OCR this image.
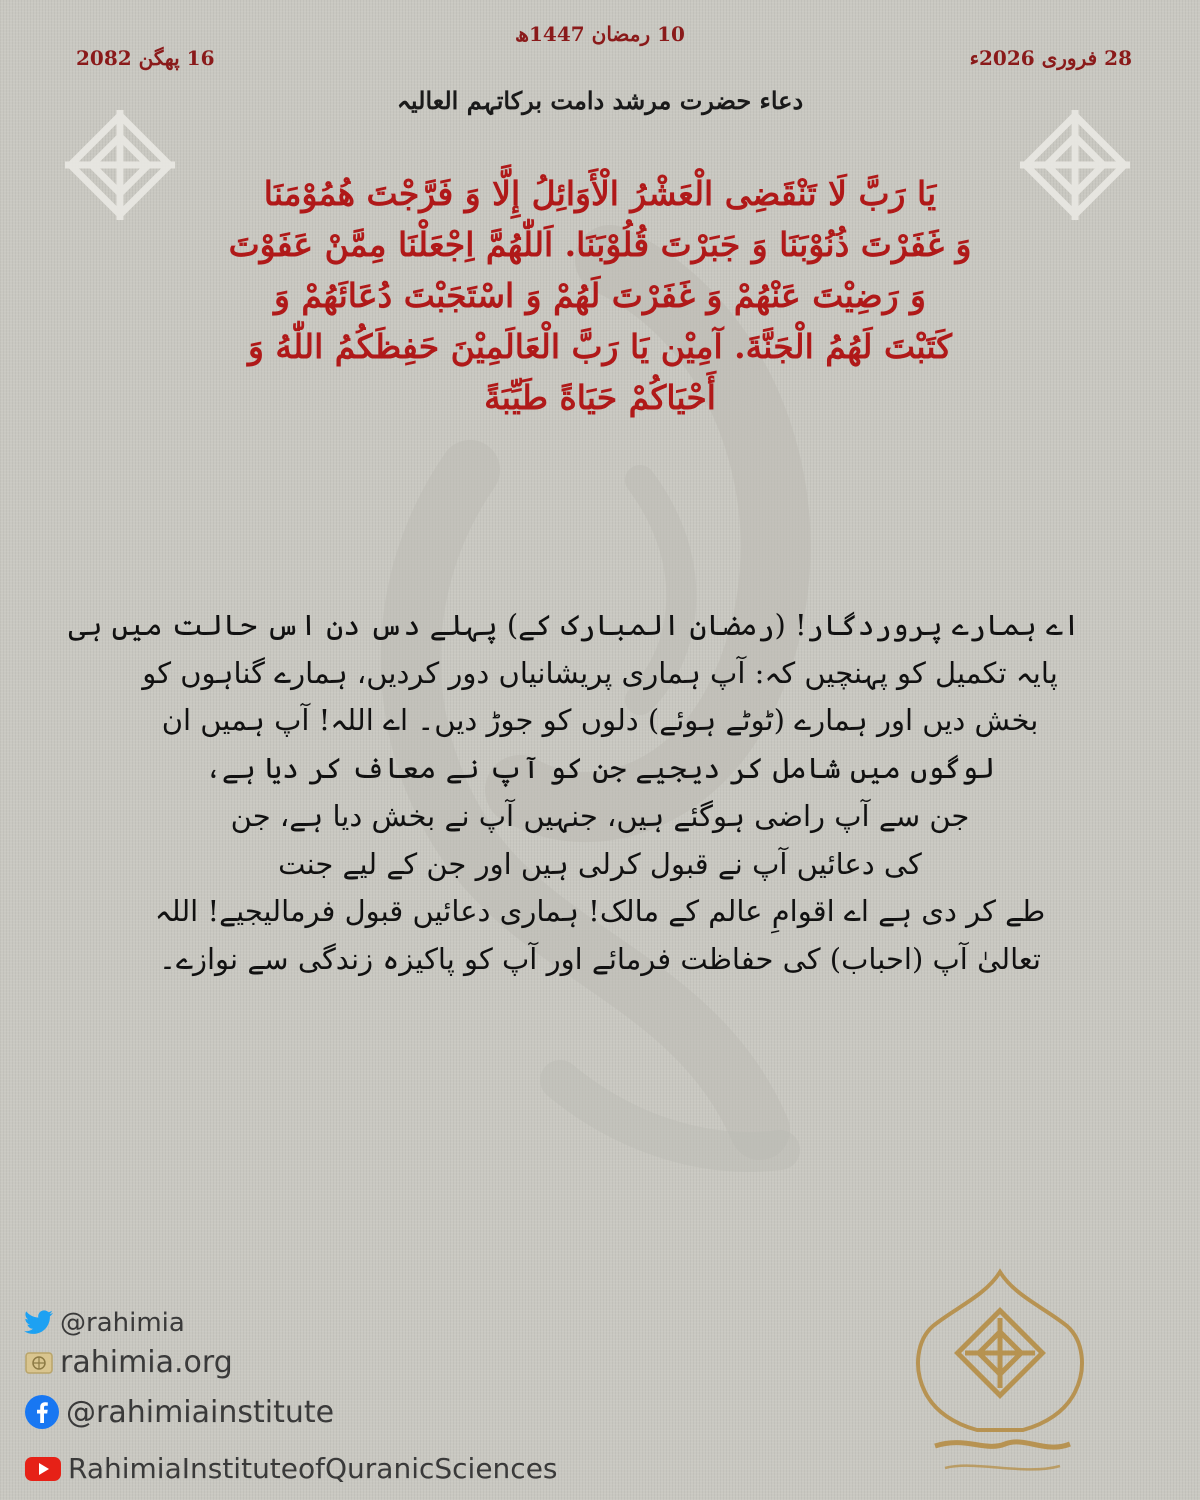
28 فروری 2026ء
10 رمضان 1447ھ
16 پھگن 2082
دعاء حضرت مرشد دامت برکاتہم العالیہ
يَا رَبَّ لَا تَنْقَضِى الْعَشْرُ الْأَوَائِلُ إِلَّا وَ فَرَّجْتَ هُمُوْمَنَا
وَ غَفَرْتَ ذُنُوْبَنَا وَ جَبَرْتَ قُلُوْبَنَا. اَللّٰهُمَّ اِجْعَلْنَا مِمَّنْ عَفَوْتَ
وَ رَضِيْتَ عَنْهُمْ وَ غَفَرْتَ لَهُمْ وَ اسْتَجَبْتَ دُعَائَهُمْ وَ
كَتَبْتَ لَهُمُ الْجَنَّةَ. آمِيْن يَا رَبَّ الْعَالَمِيْنَ حَفِظَكُمُ اللّٰهُ وَ
أَحْيَاكُمْ حَيَاةً طَيِّبَةً
اے ہمارے پروردگار! (رمضان المبارک کے) پہلے دس دن اس حالت میں ہی
پایہ تکمیل کو پہنچیں کہ: آپ ہماری پریشانیاں دور کردیں، ہمارے گناہوں کو
بخش دیں اور ہمارے (ٹوٹے ہوئے) دلوں کو جوڑ دیں۔ اے اللہ! آپ ہمیں ان
لوگوں میں شامل کر دیجیے جن کو آپ نے معاف کر دیا ہے،
جن سے آپ راضی ہوگئے ہیں، جنہیں آپ نے بخش دیا ہے، جن
کی دعائیں آپ نے قبول کرلی ہیں اور جن کے لیے جنت
طے کر دی ہے اے اقوامِ عالم کے مالک! ہماری دعائیں قبول فرمالیجیے! اللہ
تعالیٰ آپ (احباب) کی حفاظت فرمائے اور آپ کو پاکیزہ زندگی سے نوازے۔
@rahimia
rahimia.org
@rahimiainstitute
RahimiaInstituteofQuranicSciences
